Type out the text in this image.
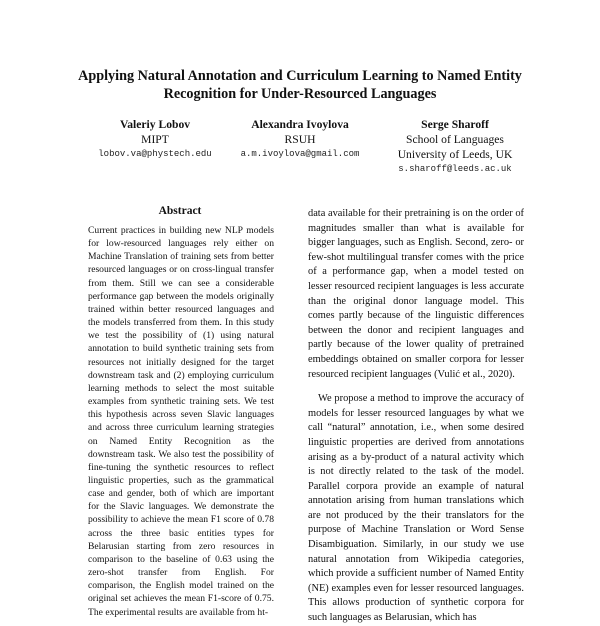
Applying Natural Annotation and Curriculum Learning to Named Entity
Recognition for Under-Resourced Languages
Valeriy Lobov
MIPT
lobov.va@phystech.edu
Alexandra Ivoylova
RSUH
a.m.ivoylova@gmail.com
Serge Sharoff
School of Languages
University of Leeds, UK
s.sharoff@leeds.ac.uk
Abstract

Current practices in building new NLP models for low-resourced languages rely either on Machine Translation of training sets from better resourced languages or on cross-lingual transfer from them. Still we can see a considerable performance gap between the models originally trained within better resourced languages and the models transferred from them. In this study we test the possibility of (1) using natural annotation to build synthetic training sets from resources not initially designed for the target downstream task and (2) employing curriculum learning methods to select the most suitable examples from synthetic training sets. We test this hypothesis across seven Slavic languages and across three curriculum learning strategies on Named Entity Recognition as the downstream task. We also test the possibility of fine-tuning the synthetic resources to reflect linguistic properties, such as the grammatical case and gender, both of which are important for the Slavic languages. We demonstrate the possibility to achieve the mean F1 score of 0.78 across the three basic entities types for Belarusian starting from zero resources in comparison to the baseline of 0.63 using the zero-shot transfer from English. For comparison, the English model trained on the original set achieves the mean F1-score of 0.75. The experimental results are available from ht-

data available for their pretraining is on the order of magnitudes smaller than what is available for bigger languages, such as English. Second, zero- or few-shot multilingual transfer comes with the price of a performance gap, when a model tested on lesser resourced recipient languages is less accurate than the original donor language model. This comes partly because of the linguistic differences between the donor and recipient languages and partly because of the lower quality of pretrained embeddings obtained on smaller corpora for lesser resourced recipient languages (Vulić et al., 2020).

We propose a method to improve the accuracy of models for lesser resourced languages by what we call “natural” annotation, i.e., when some desired linguistic properties are derived from annotations arising as a by-product of a natural activity which is not directly related to the task of the model. Parallel corpora provide an example of natural annotation arising from human translations which are not produced by the their translators for the purpose of Machine Translation or Word Sense Disambiguation. Similarly, in our study we use natural annotation from Wikipedia categories, which provide a sufficient number of Named Entity (NE) examples even for lesser resourced languages. This allows production of synthetic corpora for such languages as Belarusian, which has
